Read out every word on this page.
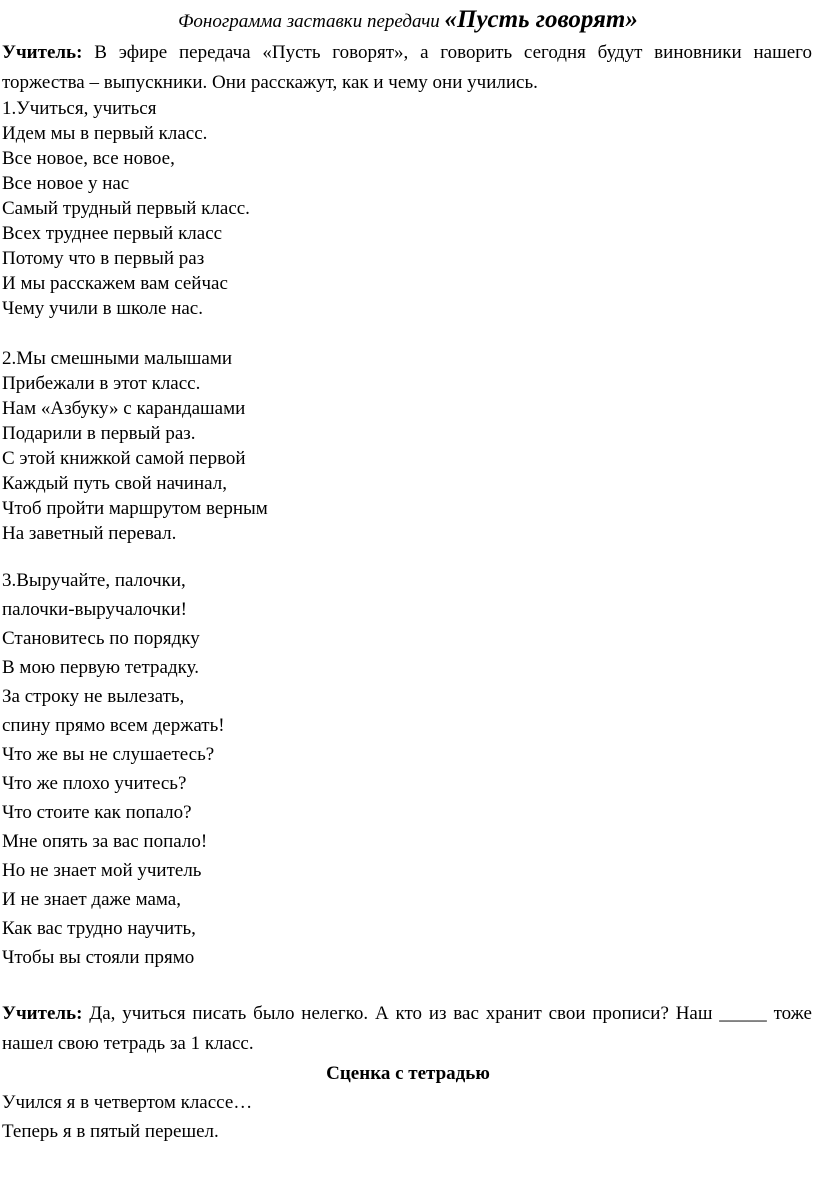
Фонограмма заставки передачи «Пусть говорят»
Учитель: В эфире передача «Пусть говорят», а говорить сегодня будут виновники нашего торжества – выпускники. Они расскажут, как и чему они учились.
1.Учиться, учиться
Идем мы в первый класс.
Все новое, все новое,
Все новое у нас
Самый трудный первый класс.
Всех труднее первый класс
Потому что в первый раз
И мы расскажем вам сейчас
Чему учили в школе нас.
2.Мы смешными малышами
Прибежали в этот класс.
Нам «Азбуку» с карандашами
Подарили в первый раз.
С этой книжкой самой первой
Каждый путь свой начинал,
Чтоб пройти маршрутом верным
На заветный перевал.
3.Выручайте, палочки,
палочки-выручалочки!
Становитесь по порядку
В мою первую тетрадку.
За строку не вылезать,
спину прямо всем держать!
Что же вы не слушаетесь?
Что же плохо учитесь?
Что стоите как попало?
Мне опять за вас попало!
Но не знает мой учитель
И не знает даже мама,
Как вас трудно научить,
Чтобы вы стояли прямо
Учитель: Да, учиться писать было нелегко. А кто из вас хранит свои прописи? Наш _____ тоже нашел свою тетрадь за 1 класс.
Сценка с тетрадью
Учился я в четвертом классе…
Теперь я в пятый перешел.
